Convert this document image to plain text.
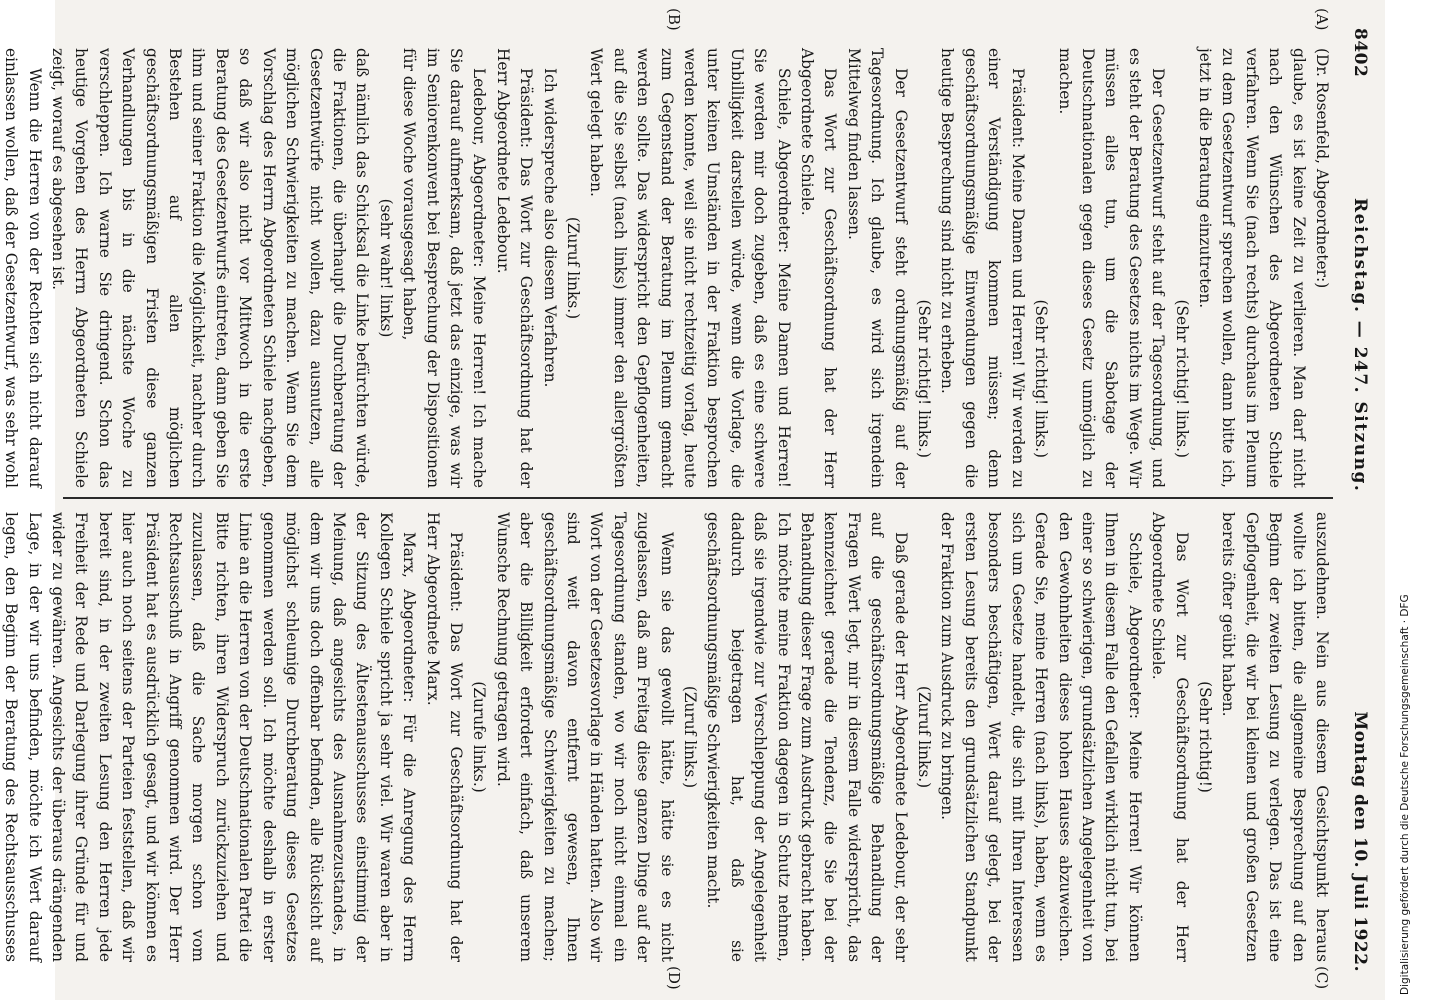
8402
Reichstag. — 247. Sitzung.
Montag den 10. Juli 1922.
(A)
(B)
(C)
(D)

(Dr. Rosenfeld, Abgeordneter:)

glaube, es ist keine Zeit zu verlieren. Man darf nicht nach den Wünschen des Abgeordneten Schiele verfahren. Wenn Sie (nach rechts) durchaus im Plenum zu dem Gesetzentwurf sprechen wollen, dann bitte ich, jetzt in die Beratung einzutreten.

(Sehr richtig! links.)

Der Gesetzentwurf steht auf der Tagesordnung, und es steht der Beratung des Gesetzes nichts im Wege. Wir müssen alles tun, um die Sabotage der Deutschnationalen gegen dieses Gesetz unmöglich zu machen.

(Sehr richtig! links.)

Präsident: Meine Damen und Herren! Wir werden zu einer Verständigung kommen müssen; denn geschäftsordnungsmäßige Einwendungen gegen die heutige Besprechung sind nicht zu erheben.

(Sehr richtig! links.)

Der Gesetzentwurf steht ordnungsmäßig auf der Tagesordnung. Ich glaube, es wird sich irgendein Mittelweg finden lassen.

Das Wort zur Geschäftsordnung hat der Herr Abgeordnete Schiele.

Schiele, Abgeordneter: Meine Damen und Herren! Sie werden mir doch zugeben, daß es eine schwere Unbilligkeit darstellen würde, wenn die Vorlage, die unter keinen Umständen in der Fraktion besprochen werden konnte, weil sie nicht rechtzeitig vorlag, heute zum Gegenstand der Beratung im Plenum gemacht werden sollte. Das widerspricht den Gepflogenheiten, auf die Sie selbst (nach links) immer den allergrößten Wert gelegt haben.

(Zuruf links.)

Ich widerspreche also diesem Verfahren.

Präsident: Das Wort zur Geschäftsordnung hat der Herr Abgeordnete Ledebour.

Ledebour, Abgeordneter: Meine Herren! Ich mache Sie darauf aufmerksam, daß jetzt das einzige, was wir im Seniorenkonvent bei Besprechung der Dispositionen für diese Woche vorausgesagt haben,

(sehr wahr! links)

daß nämlich das Schicksal die Linke befürchten würde, die Fraktionen, die überhaupt die Durchberatung der Gesetzentwürfe nicht wollen, dazu ausnutzen, alle möglichen Schwierigkeiten zu machen. Wenn Sie dem Vorschlag des Herrn Abgeordneten Schiele nachgeben, so daß wir also nicht vor Mittwoch in die erste Beratung des Gesetzentwurfs eintreten, dann geben Sie ihm und seiner Fraktion die Möglichkeit, nachher durch Bestehen auf allen möglichen geschäftsordnungsmäßigen Fristen diese ganzen Verhandlungen bis in die nächste Woche zu verschleppen. Ich warne Sie dringend. Schon das heutige Vorgehen des Herrn Abgeordneten Schiele zeigt, worauf es abgesehen ist.

Wenn die Herren von der Rechten sich nicht darauf einlassen wollen, daß der Gesetzentwurf, was sehr wohl

auszudehnen. Nein aus diesem Gesichtspunkt heraus wollte ich bitten, die allgemeine Besprechung auf den Beginn der zweiten Lesung zu verlegen. Das ist eine Gepflogenheit, die wir bei kleinen und großen Gesetzen bereits öfter geübt haben.

(Sehr richtig!)

Das Wort zur Geschäftsordnung hat der Herr Abgeordnete Schiele.

Schiele, Abgeordneter: Meine Herren! Wir können Ihnen in diesem Falle den Gefallen wirklich nicht tun, bei einer so schwierigen, grundsätzlichen Angelegenheit von den Gewohnheiten dieses hohen Hauses abzuweichen. Gerade Sie, meine Herren (nach links), haben, wenn es sich um Gesetze handelt, die sich mit Ihren Interessen besonders beschäftigen, Wert darauf gelegt, bei der ersten Lesung bereits den grundsätzlichen Standpunkt der Fraktion zum Ausdruck zu bringen.

(Zuruf links.)

Daß gerade der Herr Abgeordnete Ledebour, der sehr auf die geschäftsordnungsmäßige Behandlung der Fragen Wert legt, mir in diesem Falle widerspricht, das kennzeichnet gerade die Tendenz, die Sie bei der Behandlung dieser Frage zum Ausdruck gebracht haben. Ich möchte meine Fraktion dagegen in Schutz nehmen, daß sie irgendwie zur Verschleppung der Angelegenheit dadurch beigetragen hat, daß sie geschäftsordnungsmäßige Schwierigkeiten macht.

(Zuruf links.)

Wenn sie das gewollt hätte, hätte sie es nicht zugelassen, daß am Freitag diese ganzen Dinge auf der Tagesordnung standen, wo wir noch nicht einmal ein Wort von der Gesetzesvorlage in Händen hatten. Also wir sind weit davon entfernt gewesen, Ihnen geschäftsordnungsmäßige Schwierigkeiten zu machen; aber die Billigkeit erfordert einfach, daß unserem Wunsche Rechnung getragen wird.

(Zurufe links.)

Präsident: Das Wort zur Geschäftsordnung hat der Herr Abgeordnete Marx.

Marx, Abgeordneter: Für die Anregung des Herrn Kollegen Schiele spricht ja sehr viel. Wir waren aber in der Sitzung des Ältestenausschusses einstimmig der Meinung, daß angesichts des Ausnahmezustandes, in dem wir uns doch offenbar befinden, alle Rücksicht auf möglichst schleunige Durchberatung dieses Gesetzes genommen werden soll. Ich möchte deshalb in erster Linie an die Herren von der Deutschnationalen Partei die Bitte richten, ihren Widerspruch zurückzuziehen und zuzulassen, daß die Sache morgen schon vom Rechtsausschuß in Angriff genommen wird. Der Herr Präsident hat es ausdrücklich gesagt, und wir können es hier auch noch seitens der Parteien feststellen, daß wir bereit sind, in der zweiten Lesung den Herren jede Freiheit der Rede und Darlegung ihrer Gründe für und wider zu gewähren. Angesichts der überaus drängenden Lage, in der wir uns befinden, möchte ich Wert darauf legen, den Beginn der Beratung des Rechtsausschusses	Digitalisierung gefördert durch die Deutsche Forschungsgemeinschaft · DFG
